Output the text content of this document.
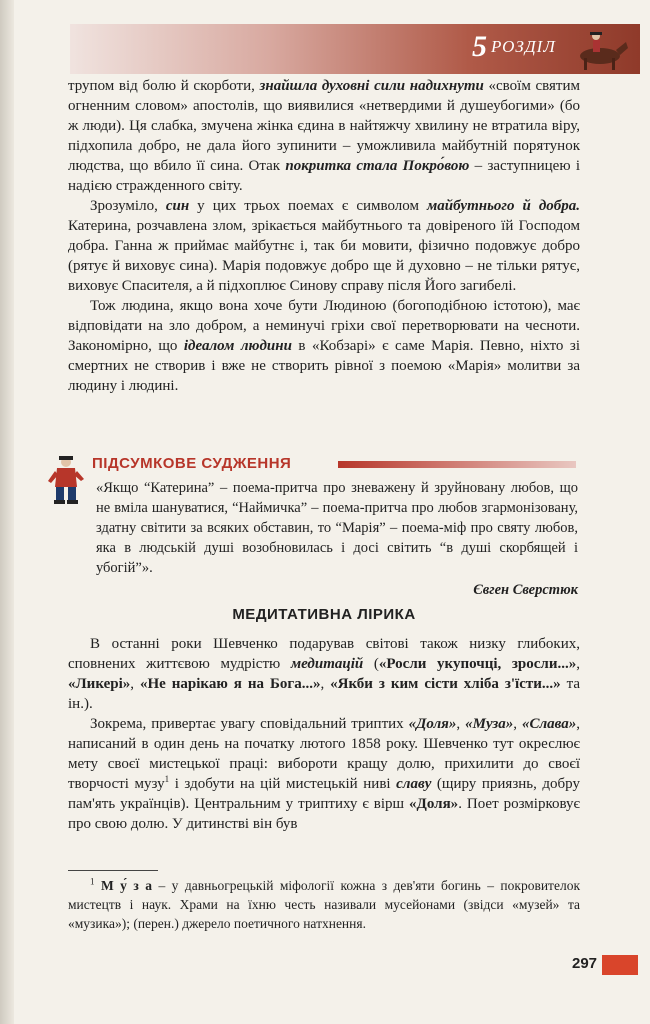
5 РОЗДІЛ

трупом від болю й скорботи, знайшла духовні сили надихнути «своїм святим огненним словом» апостолів, що виявилися «нетвердими й душеубогими» (бо ж люди). Ця слабка, змучена жінка єдина в найтяжчу хвилину не втратила віру, підхопила добро, не дала його зупинити – уможливила майбутній порятунок людства, що вбило її сина. Отак покритка стала Покро́вою – заступницею і надією стражденного світу.

Зрозуміло, син у цих трьох поемах є символом майбутнього й добра. Катерина, розчавлена злом, зрікається майбутнього та довіреного їй Господом добра. Ганна ж приймає майбутнє і, так би мовити, фізично подовжує добро (рятує й виховує сина). Марія подовжує добро ще й духовно – не тільки рятує, виховує Спасителя, а й підхоплює Синову справу після Його загибелі.

Тож людина, якщо вона хоче бути Людиною (богоподібною істотою), має відповідати на зло добром, а неминучі гріхи свої перетворювати на чесноти. Закономірно, що ідеалом людини в «Кобзарі» є саме Марія. Певно, ніхто зі смертних не створив і вже не створить рівної з поемою «Марія» молитви за людину і людині.

ПІДСУМКОВЕ СУДЖЕННЯ

«Якщо “Катерина” – поема-притча про зневажену й зруйновану любов, що не вміла шануватися, “Наймичка” – поема-притча про любов згармонізовану, здатну світити за всяких обставин, то “Марія” – поема-міф про святу любов, яка в людській душі возобновилась і досі світить “в душі скорбящей і убогій”».

Євген Сверстюк

МЕДИТАТИВНА ЛІРИКА

В останні роки Шевченко подарував світові також низку глибоких, сповнених життєвою мудрістю медитацій («Росли укупочці, зросли...», «Ликері», «Не нарікаю я на Бога...», «Якби з ким сісти хліба з'їсти...» та ін.).

Зокрема, привертає увагу сповідальний триптих «Доля», «Муза», «Слава», написаний в один день на початку лютого 1858 року. Шевченко тут окреслює мету своєї мистецької праці: вибороти кращу долю, прихилити до своєї творчості музу$^1$ і здобути на цій мистецькій ниві славу (щиру приязнь, добру пам'ять українців). Центральним у триптиху є вірш «Доля». Поет розмірковує про свою долю. У дитинстві він був

$^1$ М у́ з а – у давньогрецькій міфології кожна з дев'яти богинь – покровителок мистецтв і наук. Храми на їхню честь називали мусейонами (звідси «музей» та «музика»); (перен.) джерело поетичного натхнення.

297
